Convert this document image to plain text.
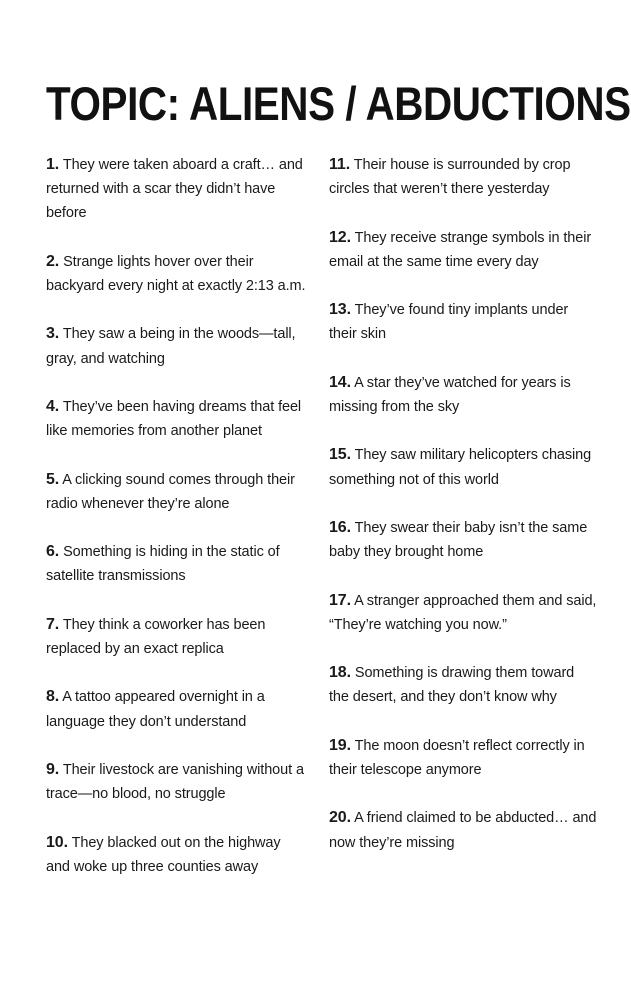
TOPIC: ALIENS / ABDUCTIONS
1. They were taken aboard a craft… and returned with a scar they didn’t have before
2. Strange lights hover over their backyard every night at exactly 2:13 a.m.
3. They saw a being in the woods—tall, gray, and watching
4. They’ve been having dreams that feel like memories from another planet
5. A clicking sound comes through their radio whenever they’re alone
6. Something is hiding in the static of satellite transmissions
7. They think a coworker has been replaced by an exact replica
8. A tattoo appeared overnight in a language they don’t understand
9. Their livestock are vanishing without a trace—no blood, no struggle
10. They blacked out on the highway and woke up three counties away
11. Their house is surrounded by crop circles that weren’t there yesterday
12. They receive strange symbols in their email at the same time every day
13. They’ve found tiny implants under their skin
14. A star they’ve watched for years is missing from the sky
15. They saw military helicopters chasing something not of this world
16. They swear their baby isn’t the same baby they brought home
17. A stranger approached them and said, “They’re watching you now.”
18. Something is drawing them toward the desert, and they don’t know why
19. The moon doesn’t reflect correctly in their telescope anymore
20. A friend claimed to be abducted… and now they’re missing
